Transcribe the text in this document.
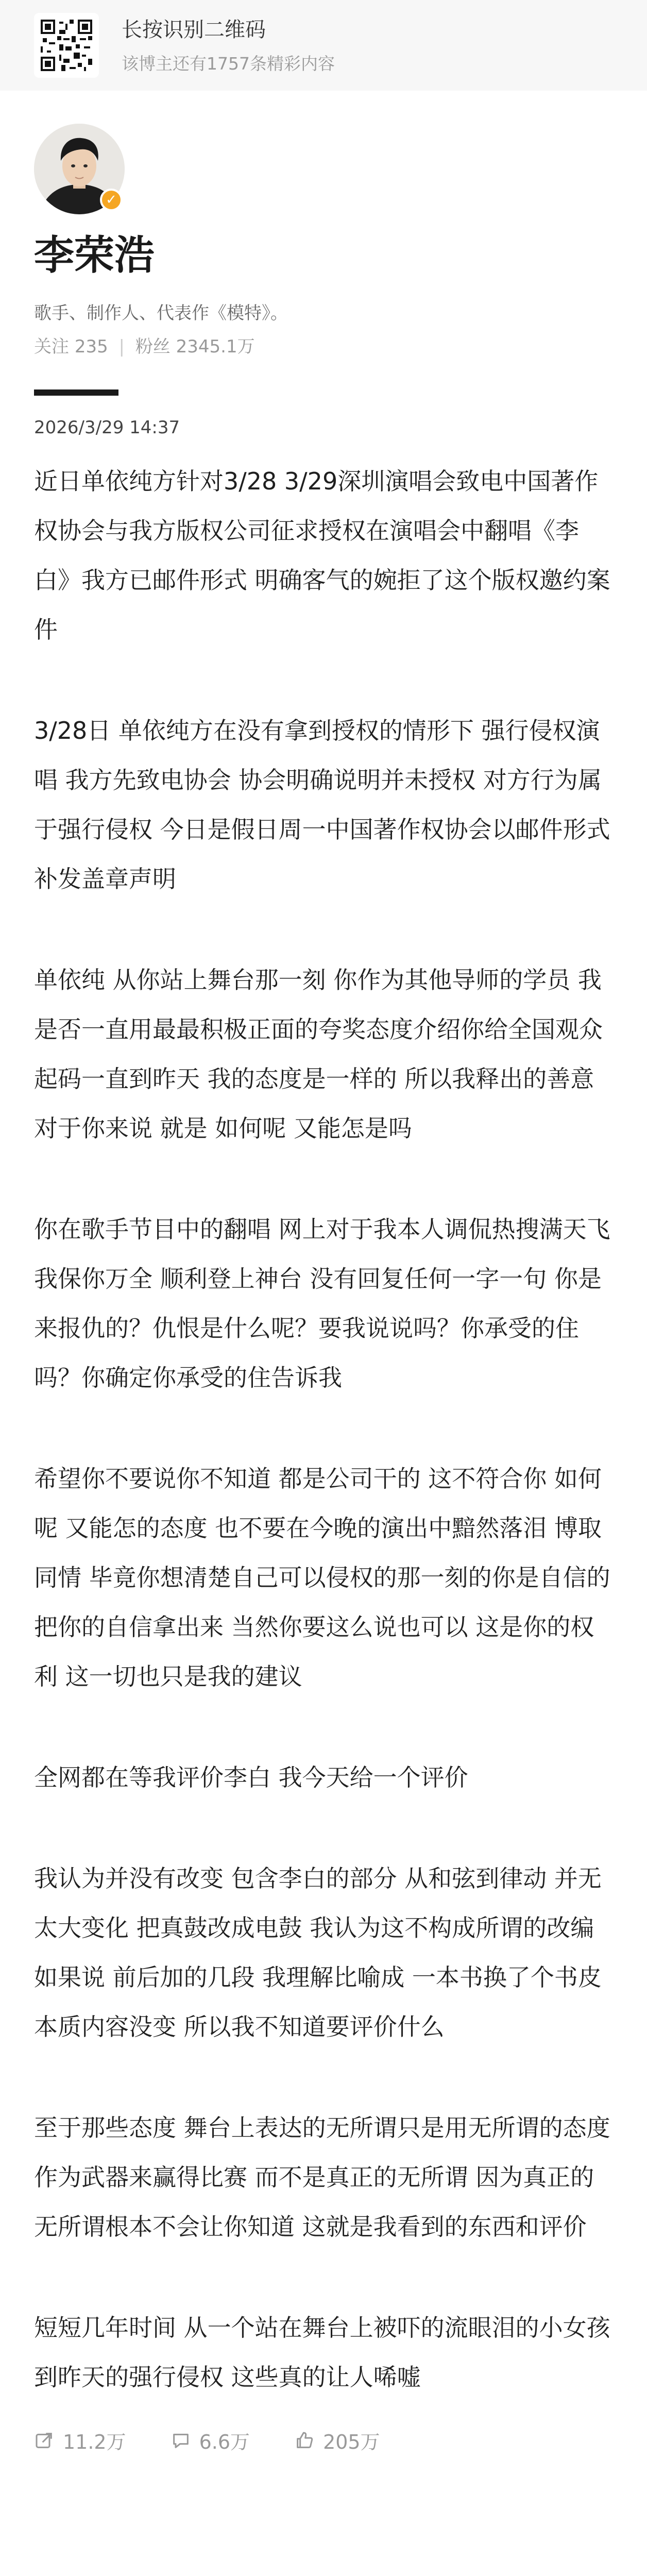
长按识别二维码
该博主还有1757条精彩内容
✓
李荣浩
歌手、制作人、代表作《模特》。
关注 235 | 粉丝 2345.1万
2026/3/29 14:37

近日单依纯方针对3/28 3/29深圳演唱会致电中国著作权协会与我方版权公司征求授权在演唱会中翻唱《李白》我方已邮件形式 明确客气的婉拒了这个版权邀约案件

3/28日 单依纯方在没有拿到授权的情形下 强行侵权演唱 我方先致电协会 协会明确说明并未授权 对方行为属于强行侵权 今日是假日周一中国著作权协会以邮件形式补发盖章声明

单依纯 从你站上舞台那一刻 你作为其他导师的学员 我是否一直用最最积极正面的夸奖态度介绍你给全国观众 起码一直到昨天 我的态度是一样的 所以我释出的善意对于你来说 就是 如何呢 又能怎是吗

你在歌手节目中的翻唱 网上对于我本人调侃热搜满天飞 我保你万全 顺利登上神台 没有回复任何一字一句 你是来报仇的？仇恨是什么呢？要我说说吗？你承受的住吗？你确定你承受的住告诉我

希望你不要说你不知道 都是公司干的 这不符合你 如何呢 又能怎的态度 也不要在今晚的演出中黯然落泪 博取同情 毕竟你想清楚自己可以侵权的那一刻的你是自信的 把你的自信拿出来 当然你要这么说也可以 这是你的权利 这一切也只是我的建议

全网都在等我评价李白 我今天给一个评价

我认为并没有改变 包含李白的部分 从和弦到律动 并无太大变化 把真鼓改成电鼓 我认为这不构成所谓的改编 如果说 前后加的几段 我理解比喻成 一本书换了个书皮 本质内容没变 所以我不知道要评价什么

至于那些态度 舞台上表达的无所谓只是用无所谓的态度作为武器来赢得比赛 而不是真正的无所谓 因为真正的无所谓根本不会让你知道 这就是我看到的东西和评价

短短几年时间 从一个站在舞台上被吓的流眼泪的小女孩 到昨天的强行侵权 这些真的让人唏嘘

11.2万	6.6万	205万
